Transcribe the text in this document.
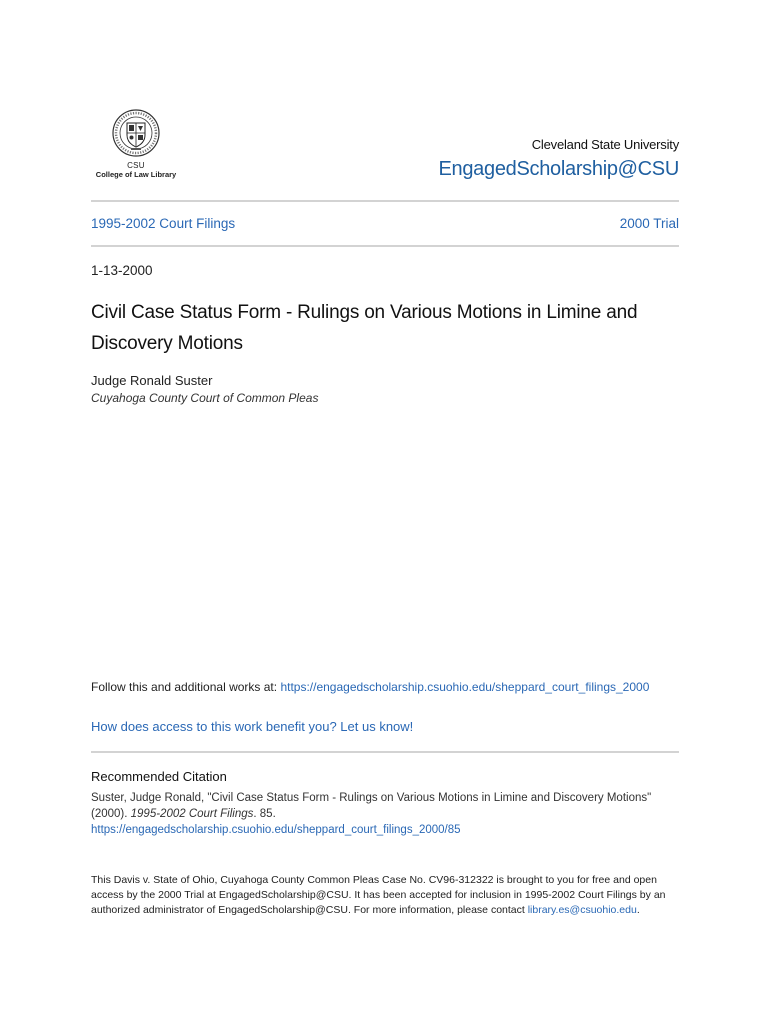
CSU
College of Law Library
Cleveland State University
EngagedScholarship@CSU
1995-2002 Court Filings	2000 Trial
1-13-2000
Civil Case Status Form - Rulings on Various Motions in Limine and Discovery Motions
Judge Ronald Suster
Cuyahoga County Court of Common Pleas
Follow this and additional works at: https://engagedscholarship.csuohio.edu/sheppard_court_filings_2000
How does access to this work benefit you? Let us know!
Recommended Citation
Suster, Judge Ronald, "Civil Case Status Form - Rulings on Various Motions in Limine and Discovery Motions" (2000). 1995-2002 Court Filings. 85.
https://engagedscholarship.csuohio.edu/sheppard_court_filings_2000/85
This Davis v. State of Ohio, Cuyahoga County Common Pleas Case No. CV96-312322 is brought to you for free and open access by the 2000 Trial at EngagedScholarship@CSU. It has been accepted for inclusion in 1995-2002 Court Filings by an authorized administrator of EngagedScholarship@CSU. For more information, please contact library.es@csuohio.edu.
